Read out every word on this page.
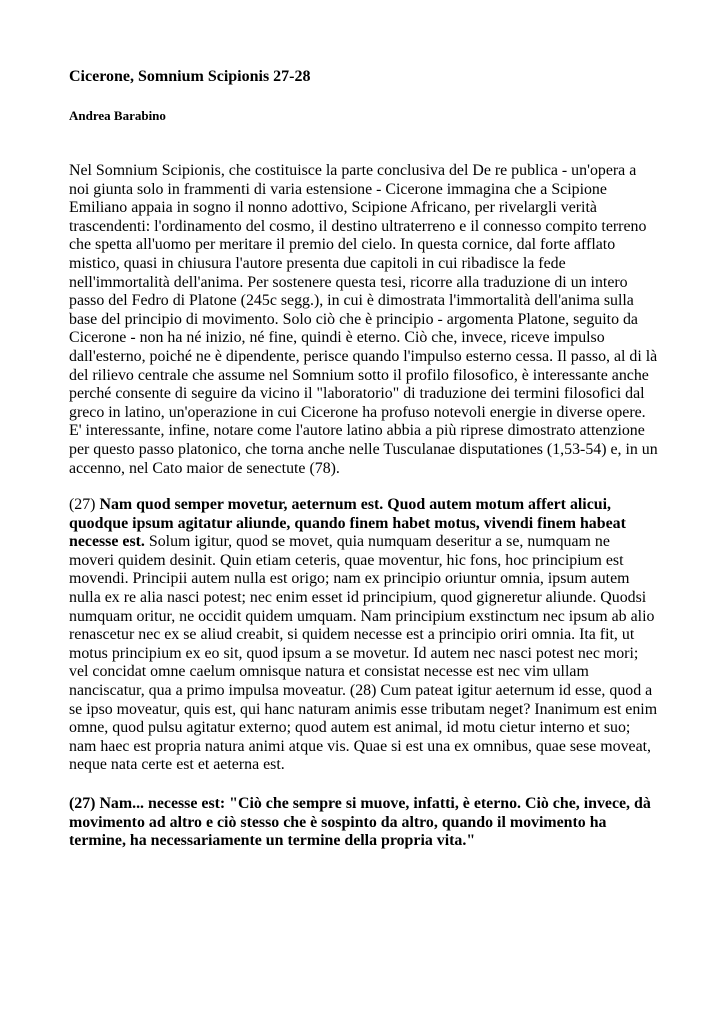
Cicerone, Somnium Scipionis 27-28
Andrea Barabino

Nel Somnium Scipionis, che costituisce la parte conclusiva del De re publica - un'opera a noi giunta solo in frammenti di varia estensione - Cicerone immagina che a Scipione Emiliano appaia in sogno il nonno adottivo, Scipione Africano, per rivelargli verità trascendenti: l'ordinamento del cosmo, il destino ultraterreno e il connesso compito terreno che spetta all'uomo per meritare il premio del cielo. In questa cornice, dal forte afflato mistico, quasi in chiusura l'autore presenta due capitoli in cui ribadisce la fede nell'immortalità dell'anima. Per sostenere questa tesi, ricorre alla traduzione di un intero passo del Fedro di Platone (245c segg.), in cui è dimostrata l'immortalità dell'anima sulla base del principio di movimento. Solo ciò che è principio - argomenta Platone, seguito da Cicerone - non ha né inizio, né fine, quindi è eterno. Ciò che, invece, riceve impulso dall'esterno, poiché ne è dipendente, perisce quando l'impulso esterno cessa. Il passo, al di là del rilievo centrale che assume nel Somnium sotto il profilo filosofico, è interessante anche perché consente di seguire da vicino il "laboratorio" di traduzione dei termini filosofici dal greco in latino, un'operazione in cui Cicerone ha profuso notevoli energie in diverse opere. E' interessante, infine, notare come l'autore latino abbia a più riprese dimostrato attenzione per questo passo platonico, che torna anche nelle Tusculanae disputationes (1,53-54) e, in un accenno, nel Cato maior de senectute (78).

(27) Nam quod semper movetur, aeternum est. Quod autem motum affert alicui, quodque ipsum agitatur aliunde, quando finem habet motus, vivendi finem habeat necesse est. Solum igitur, quod se movet, quia numquam deseritur a se, numquam ne moveri quidem desinit. Quin etiam ceteris, quae moventur, hic fons, hoc principium est movendi. Principii autem nulla est origo; nam ex principio oriuntur omnia, ipsum autem nulla ex re alia nasci potest; nec enim esset id principium, quod gigneretur aliunde. Quodsi numquam oritur, ne occidit quidem umquam. Nam principium exstinctum nec ipsum ab alio renascetur nec ex se aliud creabit, si quidem necesse est a principio oriri omnia. Ita fit, ut motus principium ex eo sit, quod ipsum a se movetur. Id autem nec nasci potest nec mori; vel concidat omne caelum omnisque natura et consistat necesse est nec vim ullam nanciscatur, qua a primo impulsa moveatur. (28) Cum pateat igitur aeternum id esse, quod a se ipso moveatur, quis est, qui hanc naturam animis esse tributam neget? Inanimum est enim omne, quod pulsu agitatur externo; quod autem est animal, id motu cietur interno et suo; nam haec est propria natura animi atque vis. Quae si est una ex omnibus, quae sese moveat, neque nata certe est et aeterna est.

(27) Nam... necesse est: "Ciò che sempre si muove, infatti, è eterno. Ciò che, invece, dà movimento ad altro e ciò stesso che è sospinto da altro, quando il movimento ha termine, ha necessariamente un termine della propria vita."
